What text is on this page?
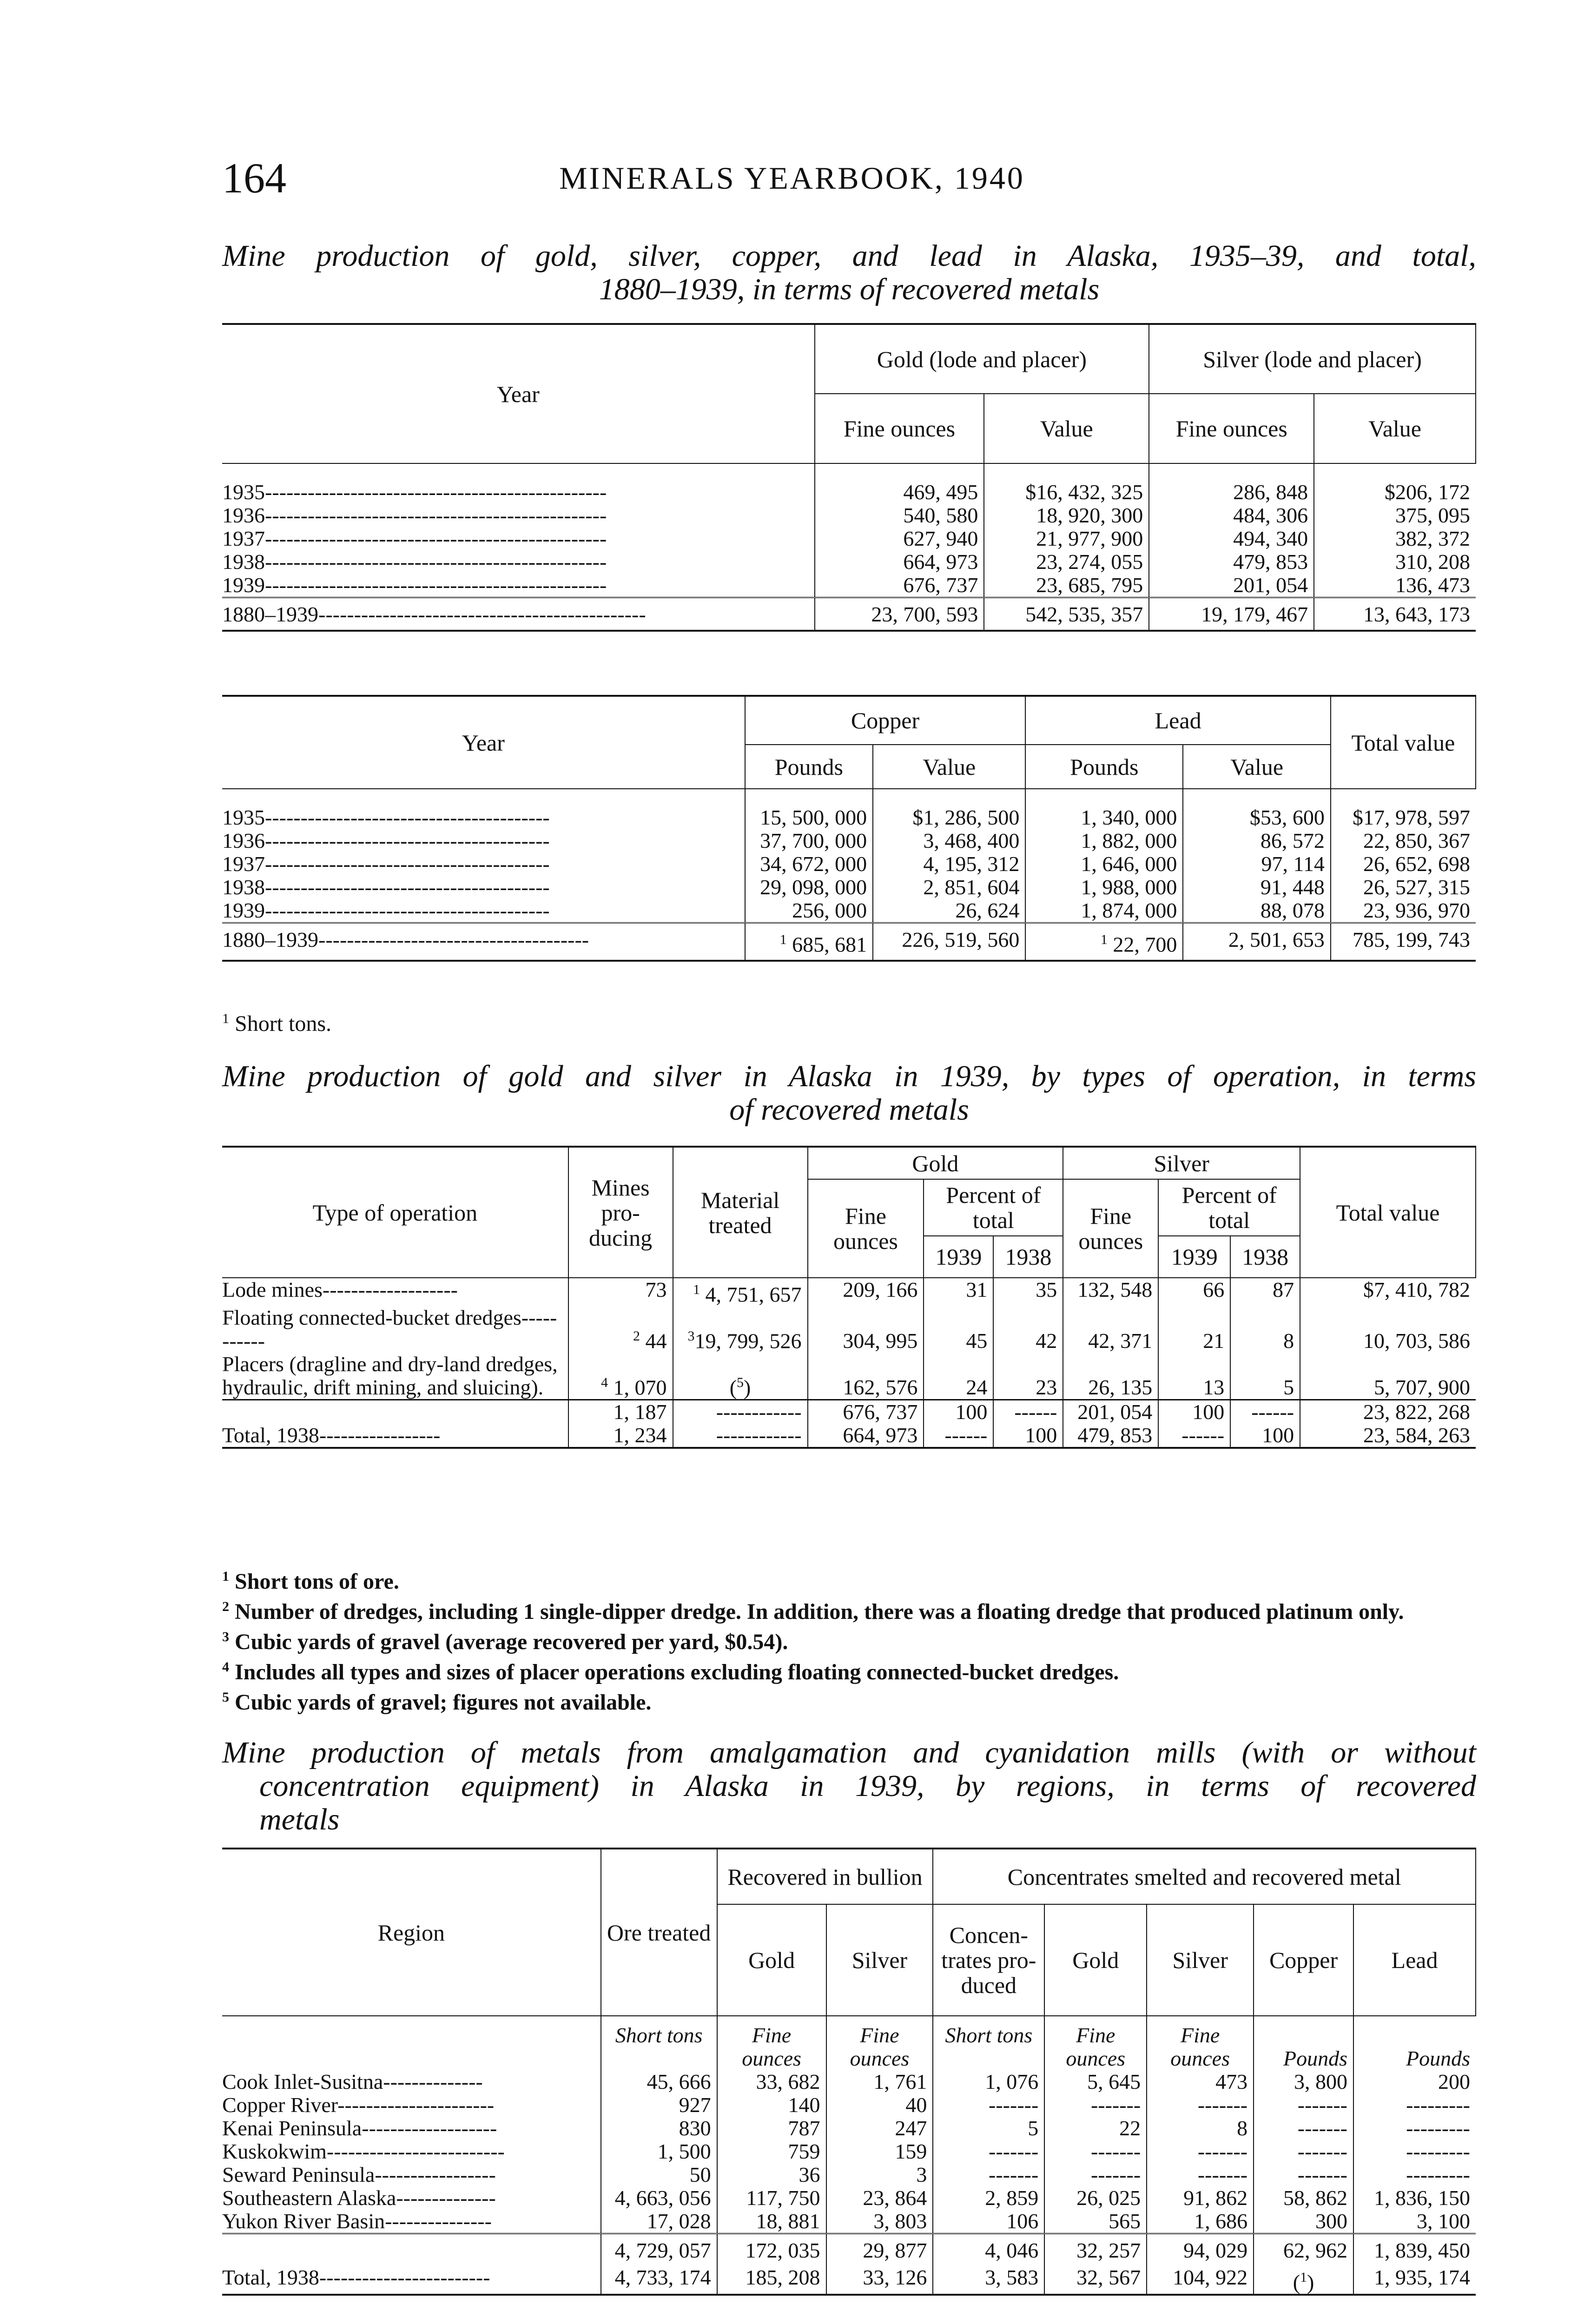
164	MINERALS YEARBOOK, 1940
Mine production of gold, silver, copper, and lead in Alaska, 1935–39, and total,
1880–1939, in terms of recovered metals
Year	Gold (lode and placer)		Silver (lode and placer)	
	Fine ounces	Value	Fine ounces	Value

1935------------------------------------------------	469, 495	$16, 432, 325	286, 848	$206, 172
1936------------------------------------------------	540, 580	18, 920, 300	484, 306	375, 095
1937------------------------------------------------	627, 940	21, 977, 900	494, 340	382, 372
1938------------------------------------------------	664, 973	23, 274, 055	479, 853	310, 208
1939------------------------------------------------	676, 737	23, 685, 795	201, 054	136, 473
1880–1939----------------------------------------------	23, 700, 593	542, 535, 357	19, 179, 467	13, 643, 173
Year	Copper		Lead		Total value
	Pounds	Value	Pounds	Value	

1935----------------------------------------	15, 500, 000	$1, 286, 500	1, 340, 000	$53, 600	$17, 978, 597
1936----------------------------------------	37, 700, 000	3, 468, 400	1, 882, 000	86, 572	22, 850, 367
1937----------------------------------------	34, 672, 000	4, 195, 312	1, 646, 000	97, 114	26, 652, 698
1938----------------------------------------	29, 098, 000	2, 851, 604	1, 988, 000	91, 448	26, 527, 315
1939----------------------------------------	256, 000	26, 624	1, 874, 000	88, 078	23, 936, 970
1880–1939--------------------------------------	$^1$ 685, 681	226, 519, 560	$^1$ 22, 700	2, 501, 653	785, 199, 743
$^1$ Short tons.
Mine production of gold and silver in Alaska in 1939, by types of operation, in terms
of recovered metals
Type of operation	Mines pro-ducing	Material treated	Gold			Silver			Total value
			Fine ounces	Percent of total		Fine ounces	Percent of total		
				1939	1938		1939	1938	
Lode mines-------------------	73	$^1$ 4, 751, 657	209, 166	31	35	132, 548	66	87	$7, 410, 782
Floating connected-bucket dredges-----------	$^2$ 44	$^3$19, 799, 526	304, 995	45	42	42, 371	21	8	10, 703, 586
Placers (dragline and dry-land dredges, hydraulic, drift mining, and sluicing).	$^4$ 1, 070	($^5$)	162, 576	24	23	26, 135	13	5	5, 707, 900
	1, 187	------------	676, 737	100	------	201, 054	100	------	23, 822, 268
Total, 1938-----------------	1, 234	------------	664, 973	------	100	479, 853	------	100	23, 584, 263
$^1$ Short tons of ore.
$^2$ Number of dredges, including 1 single-dipper dredge. In addition, there was a floating dredge that produced platinum only.
$^3$ Cubic yards of gravel (average recovered per yard, $0.54).
$^4$ Includes all types and sizes of placer operations excluding floating connected-bucket dredges.
$^5$ Cubic yards of gravel; figures not available.
Mine production of metals from amalgamation and cyanidation mills (with or without
concentration equipment) in Alaska in 1939, by regions, in terms of recovered
metals
Region	Ore treated	Recovered in bullion		Concentrates smelted and recovered metal				
		Gold	Silver	Concen-trates pro-duced	Gold	Silver	Copper	Lead
	Short tons	Fine ounces	Fine ounces	Short tons	Fine ounces	Fine ounces	Pounds	Pounds
Cook Inlet-Susitna--------------	45, 666	33, 682	1, 761	1, 076	5, 645	473	3, 800	200
Copper River----------------------	927	140	40	-------	-------	-------	-------	---------
Kenai Peninsula-------------------	830	787	247	5	22	8	-------	---------
Kuskokwim-------------------------	1, 500	759	159	-------	-------	-------	-------	---------
Seward Peninsula-----------------	50	36	3	-------	-------	-------	-------	---------
Southeastern Alaska--------------	4, 663, 056	117, 750	23, 864	2, 859	26, 025	91, 862	58, 862	1, 836, 150
Yukon River Basin---------------	17, 028	18, 881	3, 803	106	565	1, 686	300	3, 100
	4, 729, 057	172, 035	29, 877	4, 046	32, 257	94, 029	62, 962	1, 839, 450
Total, 1938------------------------	4, 733, 174	185, 208	33, 126	3, 583	32, 567	104, 922	($^1$)	1, 935, 174
